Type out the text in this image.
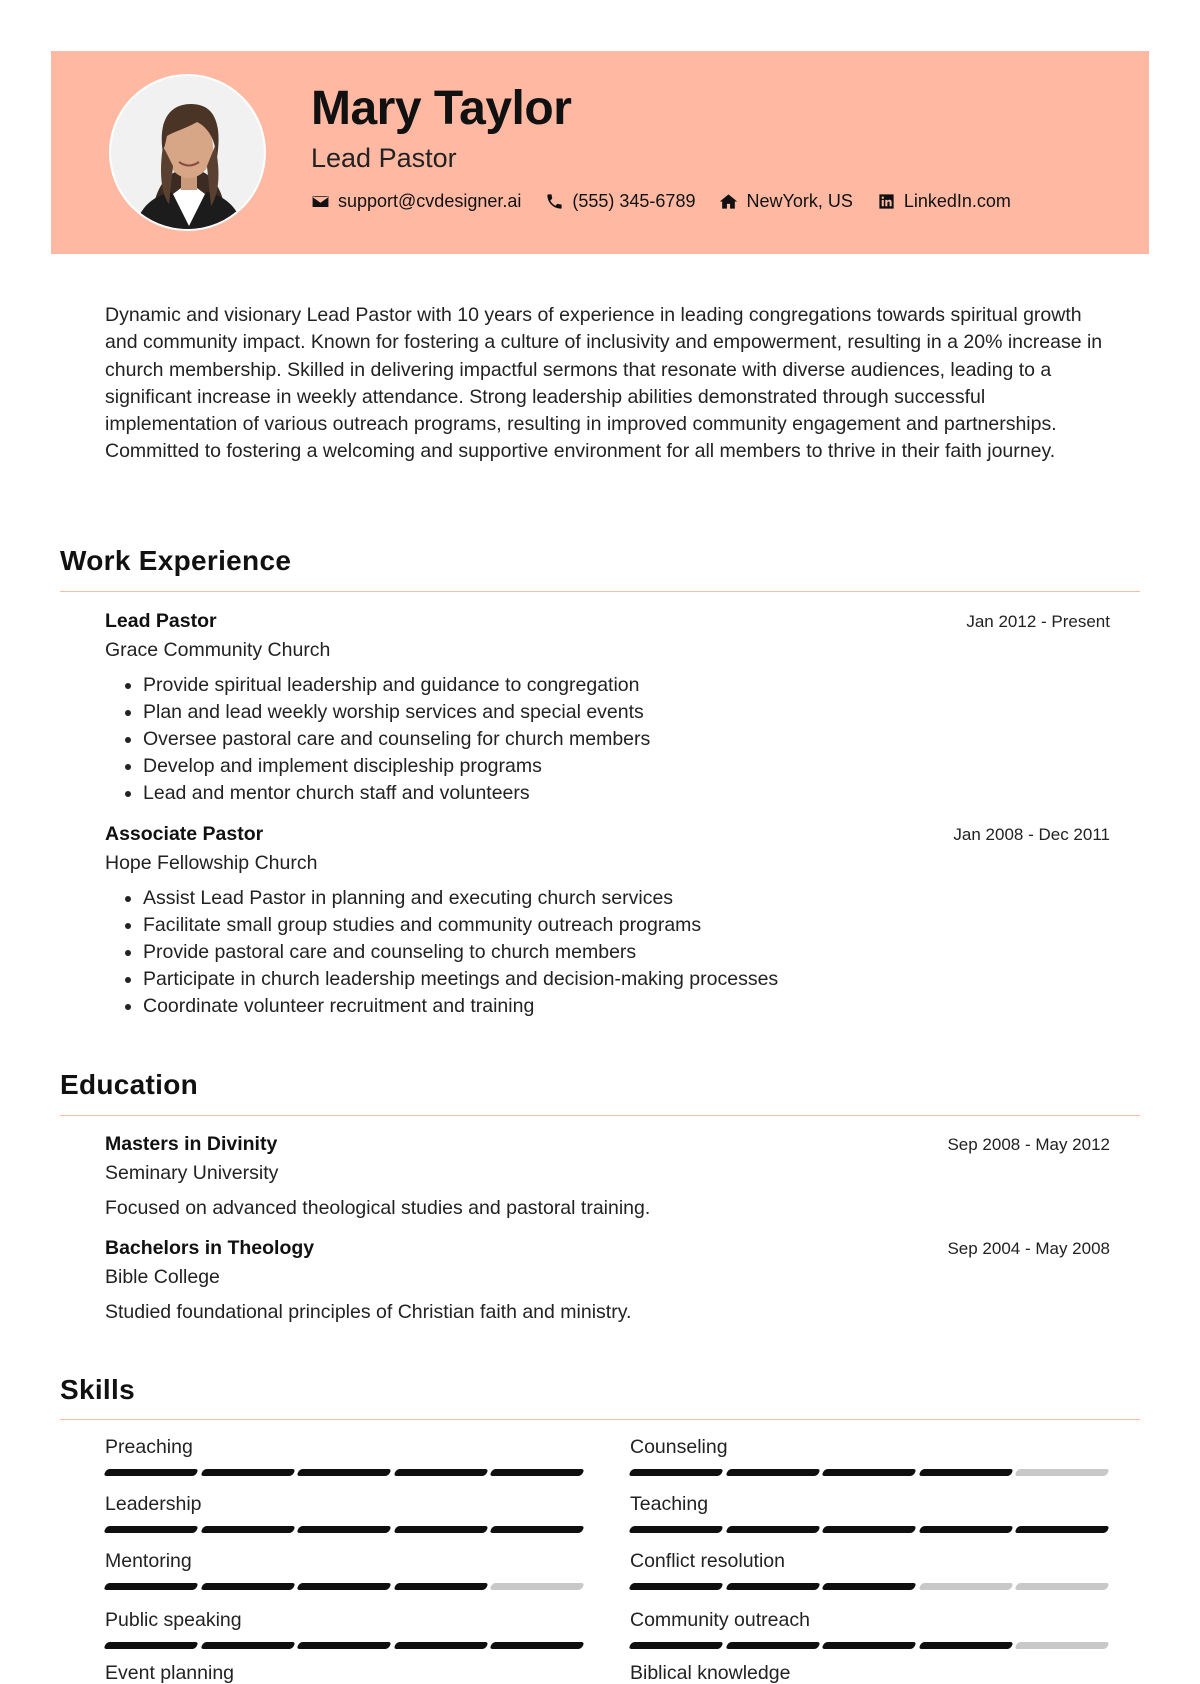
Mary Taylor
Lead Pastor
support@cvdesigner.ai	(555) 345-6789	NewYork, US	LinkedIn.com
Dynamic and visionary Lead Pastor with 10 years of experience in leading congregations towards spiritual growth and community impact. Known for fostering a culture of inclusivity and empowerment, resulting in a 20% increase in church membership. Skilled in delivering impactful sermons that resonate with diverse audiences, leading to a significant increase in weekly attendance. Strong leadership abilities demonstrated through successful implementation of various outreach programs, resulting in improved community engagement and partnerships. Committed to fostering a welcoming and supportive environment for all members to thrive in their faith journey.
Work Experience
Lead Pastor	Jan 2012 - Present
Grace Community Church
• Provide spiritual leadership and guidance to congregation
• Plan and lead weekly worship services and special events
• Oversee pastoral care and counseling for church members
• Develop and implement discipleship programs
• Lead and mentor church staff and volunteers
Associate Pastor	Jan 2008 - Dec 2011
Hope Fellowship Church
• Assist Lead Pastor in planning and executing church services
• Facilitate small group studies and community outreach programs
• Provide pastoral care and counseling to church members
• Participate in church leadership meetings and decision-making processes
• Coordinate volunteer recruitment and training
Education
Masters in Divinity	Sep 2008 - May 2012
Seminary University
Focused on advanced theological studies and pastoral training.
Bachelors in Theology	Sep 2004 - May 2008
Bible College
Studied foundational principles of Christian faith and ministry.
Skills
Preaching	Counseling
Leadership	Teaching
Mentoring	Conflict resolution
Public speaking	Community outreach
Event planning	Biblical knowledge
